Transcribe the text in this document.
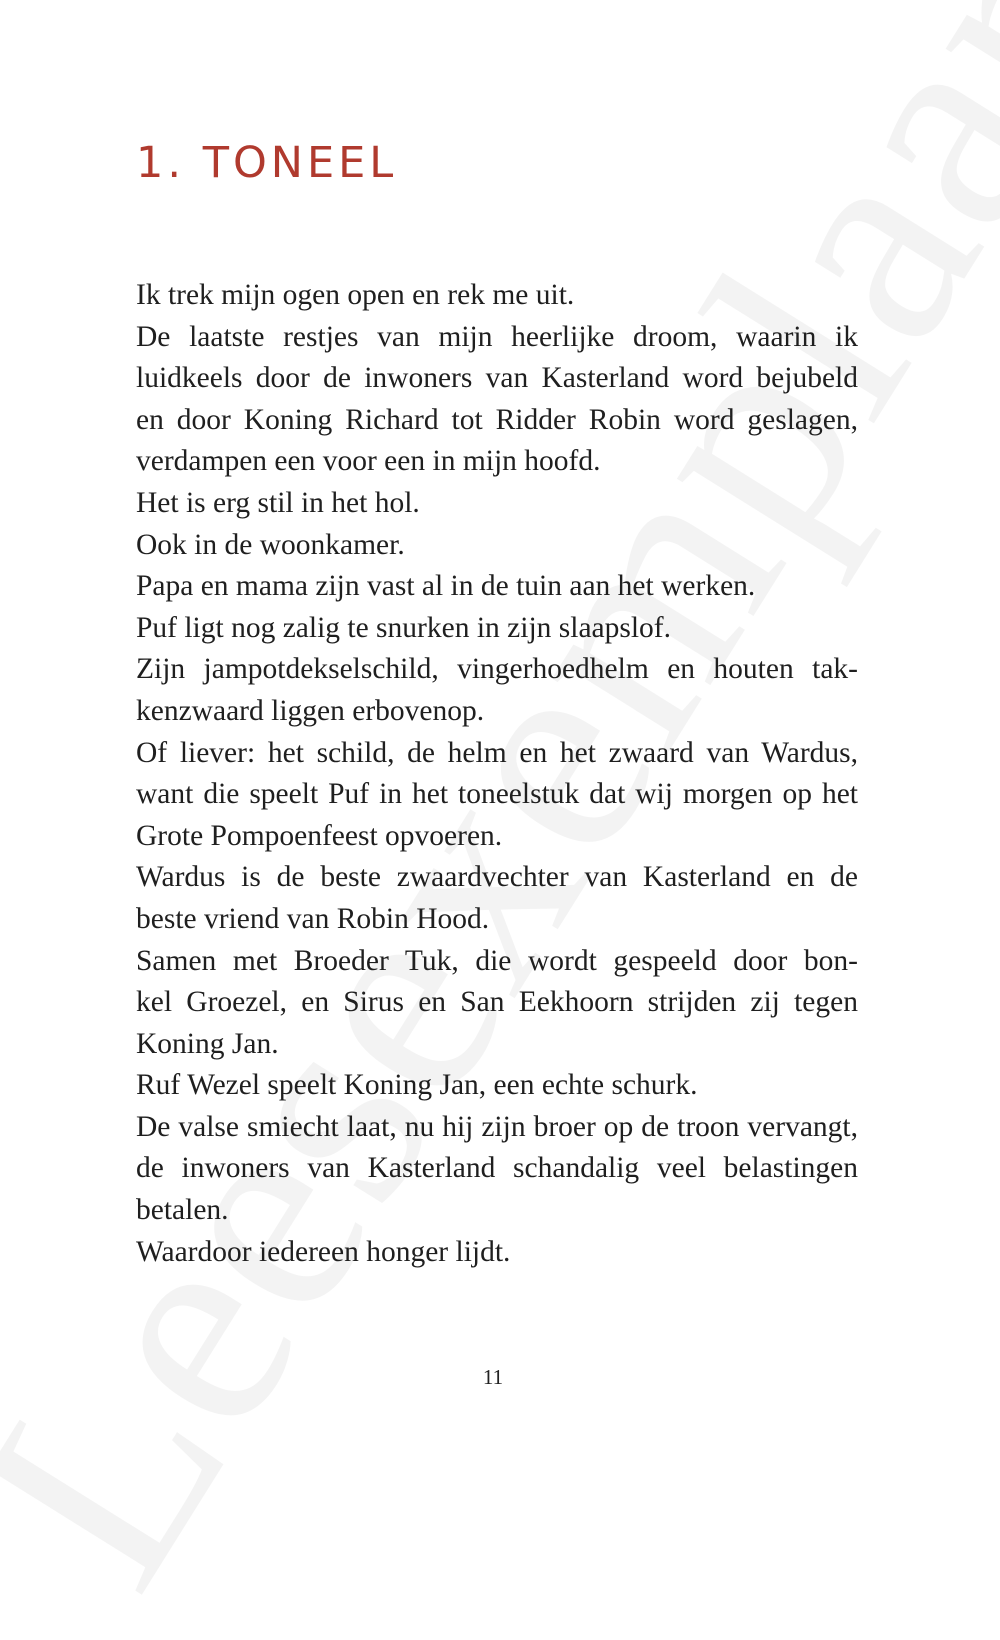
1. TONEEL
Ik trek mijn ogen open en rek me uit.
De laatste restjes van mijn heerlijke droom, waarin ik
luidkeels door de inwoners van Kasterland word bejubeld
en door Koning Richard tot Ridder Robin word geslagen,
verdampen een voor een in mijn hoofd.
Het is erg stil in het hol.
Ook in de woonkamer.
Papa en mama zijn vast al in de tuin aan het werken.
Puf ligt nog zalig te snurken in zijn slaapslof.
Zijn jampotdekselschild, vingerhoedhelm en houten tak-
kenzwaard liggen erbovenop.
Of liever: het schild, de helm en het zwaard van Wardus,
want die speelt Puf in het toneelstuk dat wij morgen op het
Grote Pompoenfeest opvoeren.
Wardus is de beste zwaardvechter van Kasterland en de
beste vriend van Robin Hood.
Samen met Broeder Tuk, die wordt gespeeld door bon-
kel Groezel, en Sirus en San Eekhoorn strijden zij tegen
Koning Jan.
Ruf Wezel speelt Koning Jan, een echte schurk.
De valse smiecht laat, nu hij zijn broer op de troon vervangt,
de inwoners van Kasterland schandalig veel belastingen
betalen.
Waardoor iedereen honger lijdt.
11
